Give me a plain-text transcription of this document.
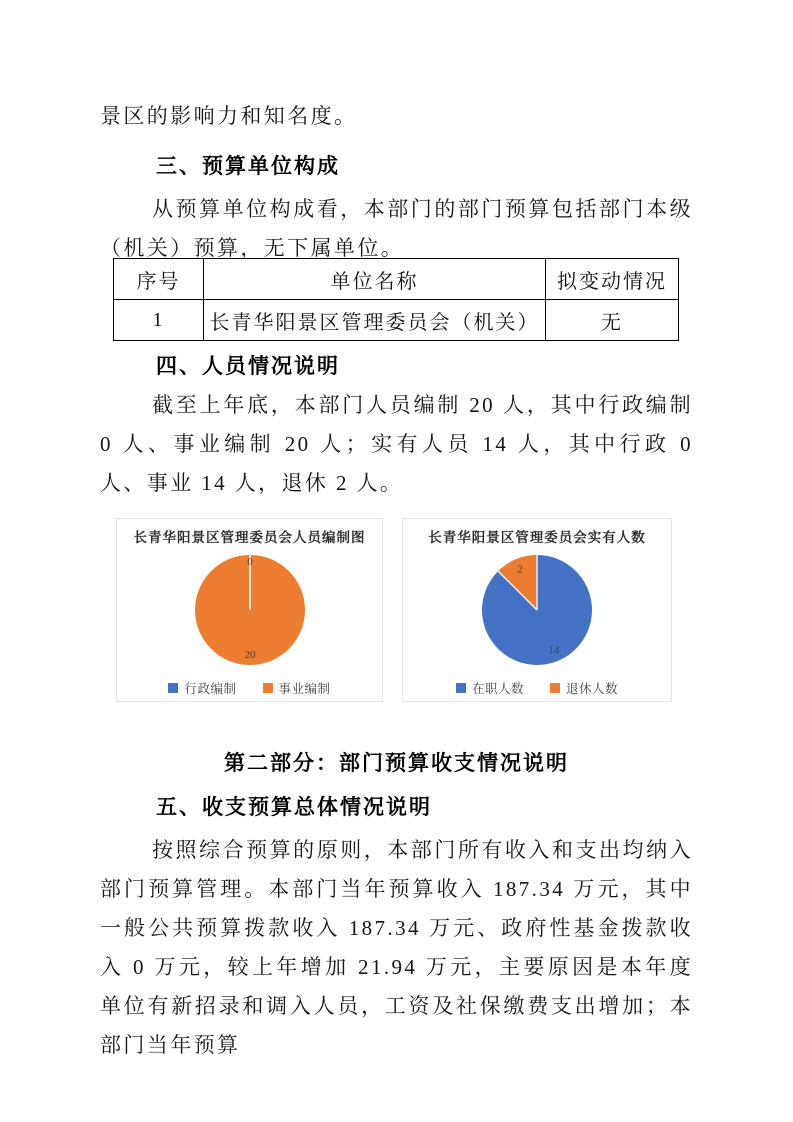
景区的影响力和知名度。

三、预算单位构成

从预算单位构成看，本部门的部门预算包括部门本级（机关）预算，无下属单位。

序号	单位名称	拟变动情况
1	长青华阳景区管理委员会（机关）	无
四、人员情况说明

截至上年底，本部门人员编制 20 人，其中行政编制 0 人、事业编制 20 人；实有人员 14 人，其中行政 0 人、事业 14 人，退休 2 人。

长青华阳景区管理委员会人员编制图
0
20
行政编制	事业编制
长青华阳景区管理委员会实有人数
14
2
在职人数	退休人数
第二部分：部门预算收支情况说明
五、收支预算总体情况说明

按照综合预算的原则，本部门所有收入和支出均纳入部门预算管理。本部门当年预算收入 187.34 万元，其中一般公共预算拨款收入 187.34 万元、政府性基金拨款收入 0 万元，较上年增加 21.94 万元，主要原因是本年度单位有新招录和调入人员，工资及社保缴费支出增加；本部门当年预算
